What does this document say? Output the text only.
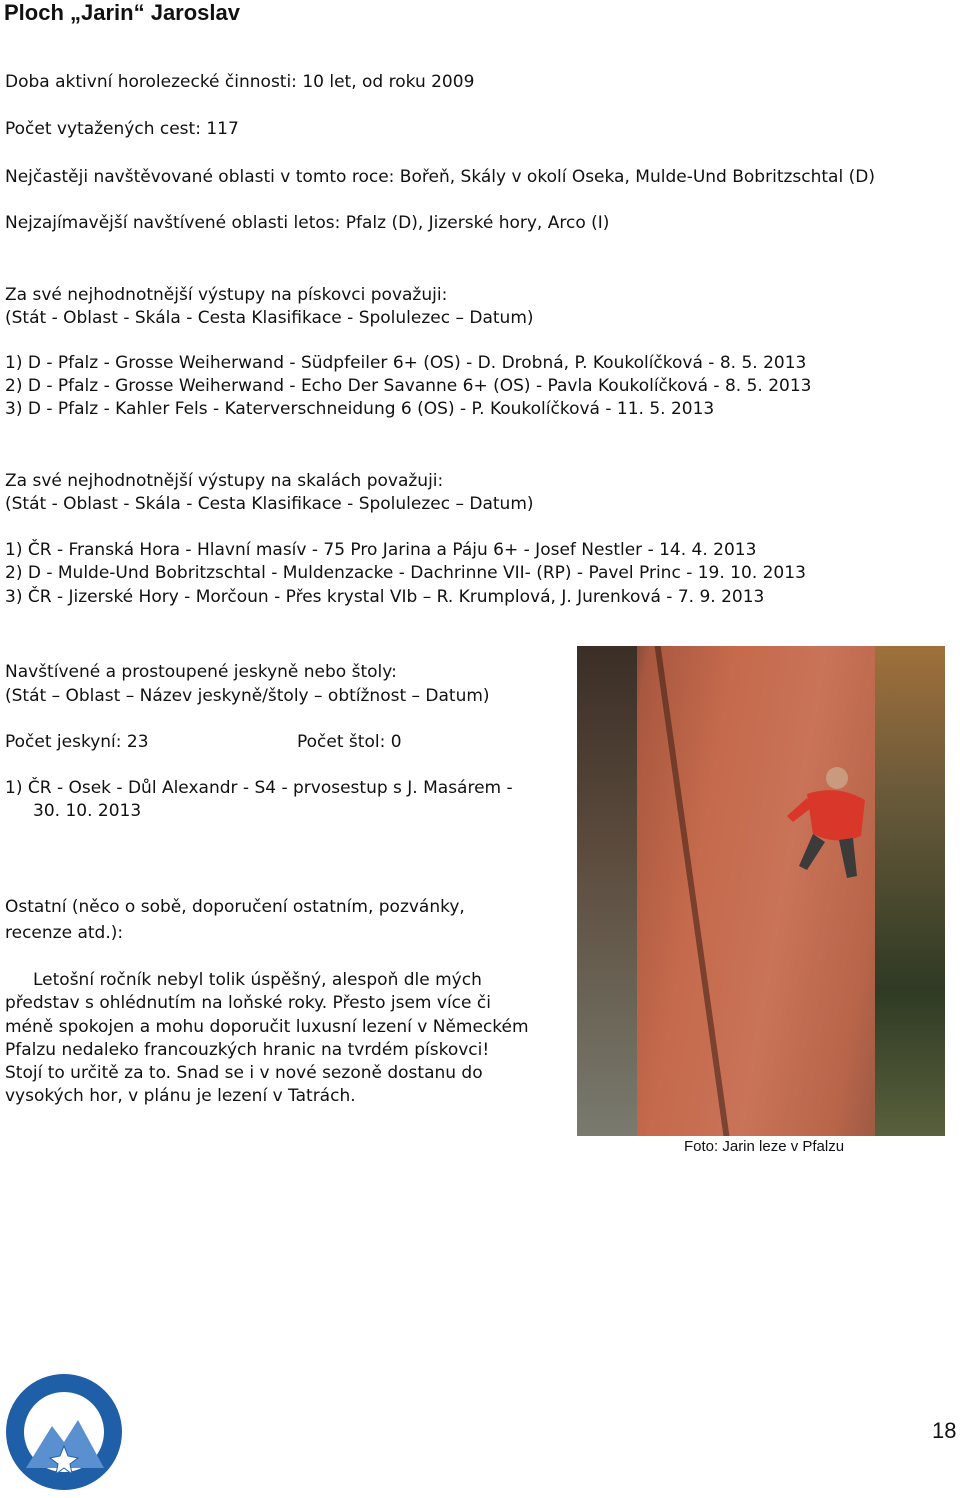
Ploch „Jarin“ Jaroslav
Doba aktivní horolezecké činnosti: 10 let, od roku 2009
Počet vytažených cest: 117
Nejčastěji navštěvované oblasti v tomto roce: Bořeň, Skály v okolí Oseka, Mulde-Und Bobritzschtal (D)
Nejzajímavější navštívené oblasti letos: Pfalz (D), Jizerské hory, Arco (I)
Za své nejhodnotnější výstupy na pískovci považuji:
(Stát - Oblast - Skála - Cesta Klasifikace - Spolulezec – Datum)
1) D - Pfalz - Grosse Weiherwand - Südpfeiler 6+ (OS) - D. Drobná, P. Koukolíčková - 8. 5. 2013
2) D - Pfalz - Grosse Weiherwand - Echo Der Savanne 6+ (OS) - Pavla Koukolíčková - 8. 5. 2013
3) D - Pfalz - Kahler Fels - Katerverschneidung 6 (OS) - P. Koukolíčková - 11. 5. 2013
Za své nejhodnotnější výstupy na skalách považuji:
(Stát - Oblast - Skála - Cesta Klasifikace - Spolulezec – Datum)
1) ČR - Franská Hora - Hlavní masív - 75 Pro Jarina a Páju 6+ - Josef Nestler - 14. 4. 2013
2) D - Mulde-Und Bobritzschtal - Muldenzacke - Dachrinne VII- (RP) - Pavel Princ - 19. 10. 2013
3) ČR - Jizerské Hory - Morčoun - Přes krystal VIb – R. Krumplová, J. Jurenková - 7. 9. 2013
Navštívené a prostoupené jeskyně nebo štoly:
(Stát – Oblast – Název jeskyně/štoly – obtížnost – Datum)
Počet jeskyní: 23	Počet štol: 0
1) ČR - Osek - Důl Alexandr - S4 - prvosestup s J. Masárem -
30. 10. 2013
Ostatní (něco o sobě, doporučení ostatním, pozvánky,
recenze atd.):
Letošní ročník nebyl tolik úspěšný, alespoň dle mých
představ s ohlédnutím na loňské roky. Přesto jsem více či
méně spokojen a mohu doporučit luxusní lezení v Německém
Pfalzu nedaleko francouzkých hranic na tvrdém pískovci!
Stojí to určitě za to. Snad se i v nové sezoně dostanu do
vysokých hor, v plánu je lezení v Tatrách.
Foto: Jarin leze v Pfalzu
18
